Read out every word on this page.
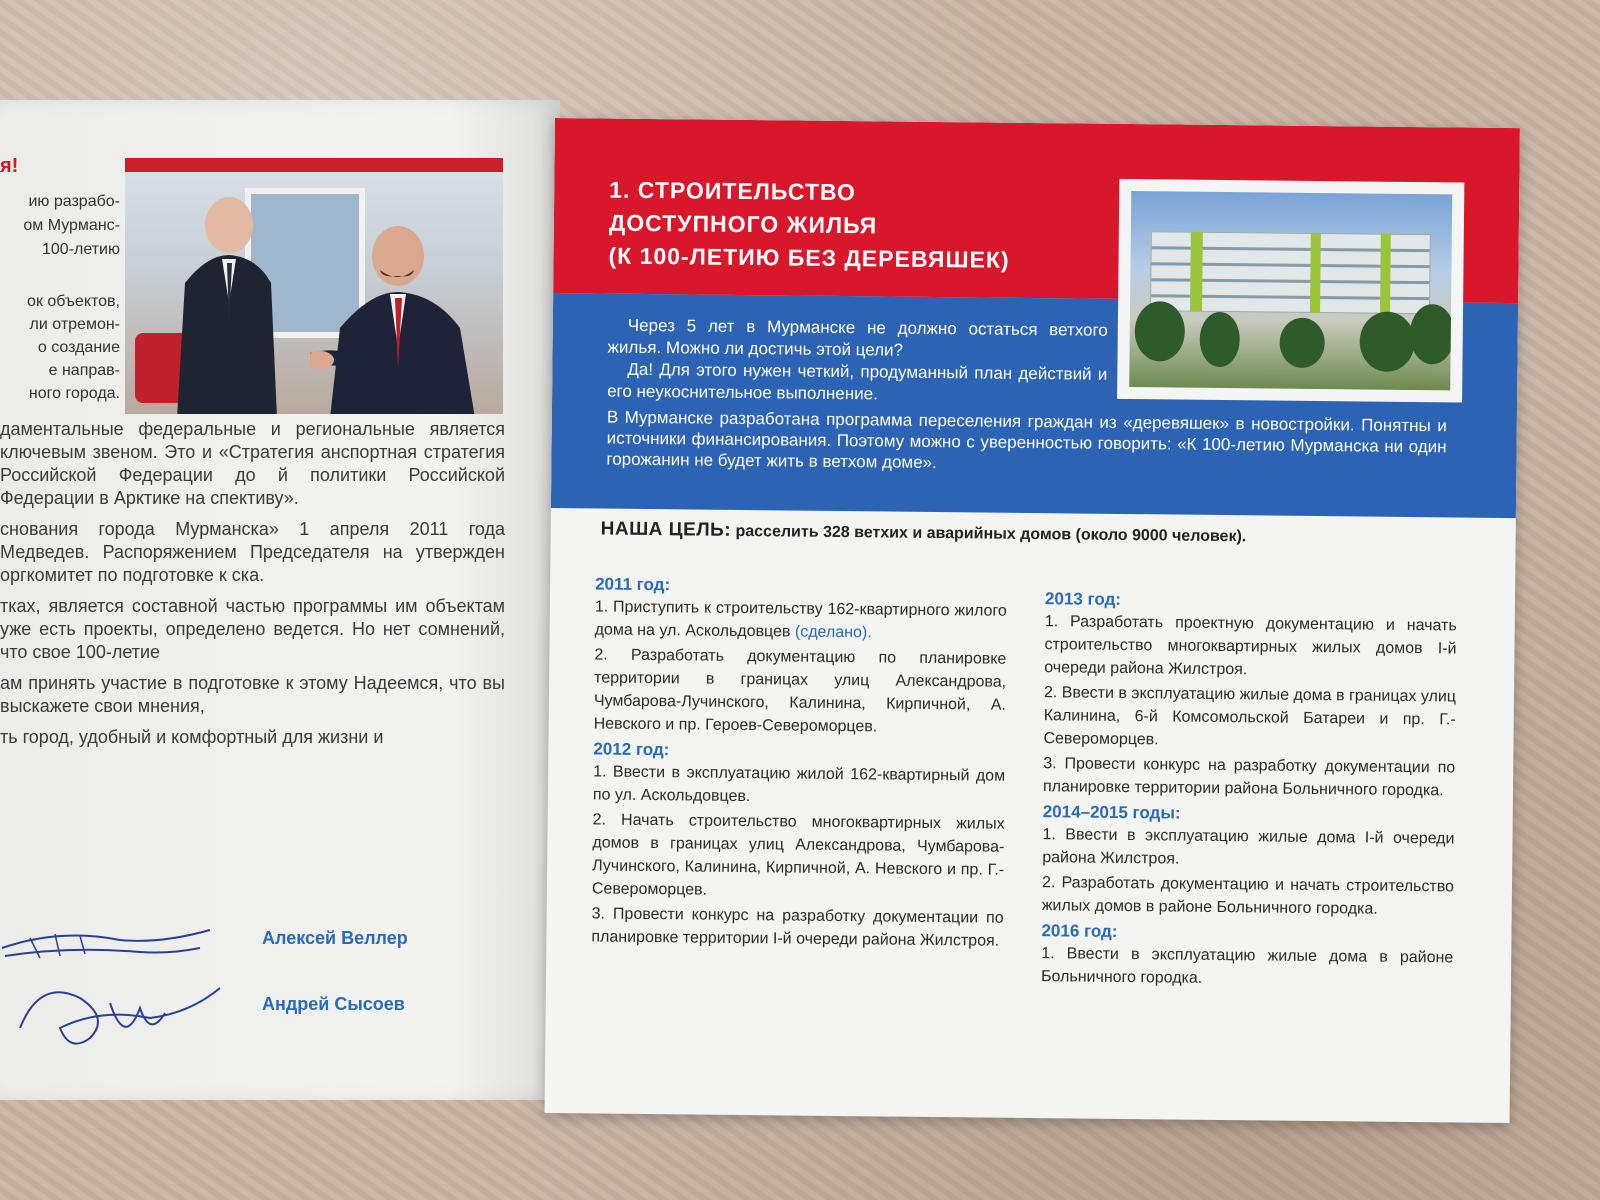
я!
ию разрабо-
ом Мурманс-
100-летию
ок объектов,
ли отремон-
о создание
е направ-
ного города.

даментальные федеральные и региональные является ключевым звеном. Это и «Стратегия анспортная стратегия Российской Федерации до й политики Российской Федерации в Арктике на спективу».

снования города Мурманска» 1 апреля 2011 года Медведев. Распоряжением Председателя на утвержден оргкомитет по подготовке к ска.

тках, является составной частью программы им объектам уже есть проекты, определено ведется. Но нет сомнений, что свое 100-летие

ам принять участие в подготовке к этому Надеемся, что вы выскажете свои мнения,

ть город, удобный и комфортный для жизни и

Алексей Веллер
Андрей Сысоев
1. СТРОИТЕЛЬСТВО
ДОСТУПНОГО ЖИЛЬЯ
(К 100-ЛЕТИЮ БЕЗ ДЕРЕВЯШЕК)

Через 5 лет в Мурманске не должно остаться ветхого жилья. Можно ли достичь этой цели?

Да! Для этого нужен четкий, продуманный план действий и его неукоснительное выполнение.

В Мурманске разработана программа переселения граждан из «деревяшек» в новостройки. Понятны и источники финансирования. Поэтому можно с уверенностью говорить: «К 100-летию Мурманска ни один горожанин не будет жить в ветхом доме».
НАША ЦЕЛЬ: расселить 328 ветхих и аварийных домов (около 9000 человек).
2011 год:
1. Приступить к строительству 162-квартирного жилого дома на ул. Аскольдовцев (сделано).
2. Разработать документацию по планировке территории в границах улиц Александрова, Чумбарова-Лучинского, Калинина, Кирпичной, А. Невского и пр. Героев-Североморцев.
2012 год:
1. Ввести в эксплуатацию жилой 162-квартирный дом по ул. Аскольдовцев.
2. Начать строительство многоквартирных жилых домов в границах улиц Александрова, Чумбарова-Лучинского, Калинина, Кирпичной, А. Невского и пр. Г.-Североморцев.
3. Провести конкурс на разработку документации по планировке территории I-й очереди района Жилстроя.
2013 год:
1. Разработать проектную документацию и начать строительство многоквартирных жилых домов I-й очереди района Жилстроя.
2. Ввести в эксплуатацию жилые дома в границах улиц Калинина, 6-й Комсомольской Батареи и пр. Г.-Североморцев.
3. Провести конкурс на разработку документации по планировке территории района Больничного городка.
2014–2015 годы:
1. Ввести в эксплуатацию жилые дома I-й очереди района Жилстроя.
2. Разработать документацию и начать строительство жилых домов в районе Больничного городка.
2016 год:
1. Ввести в эксплуатацию жилые дома в районе Больничного городка.
